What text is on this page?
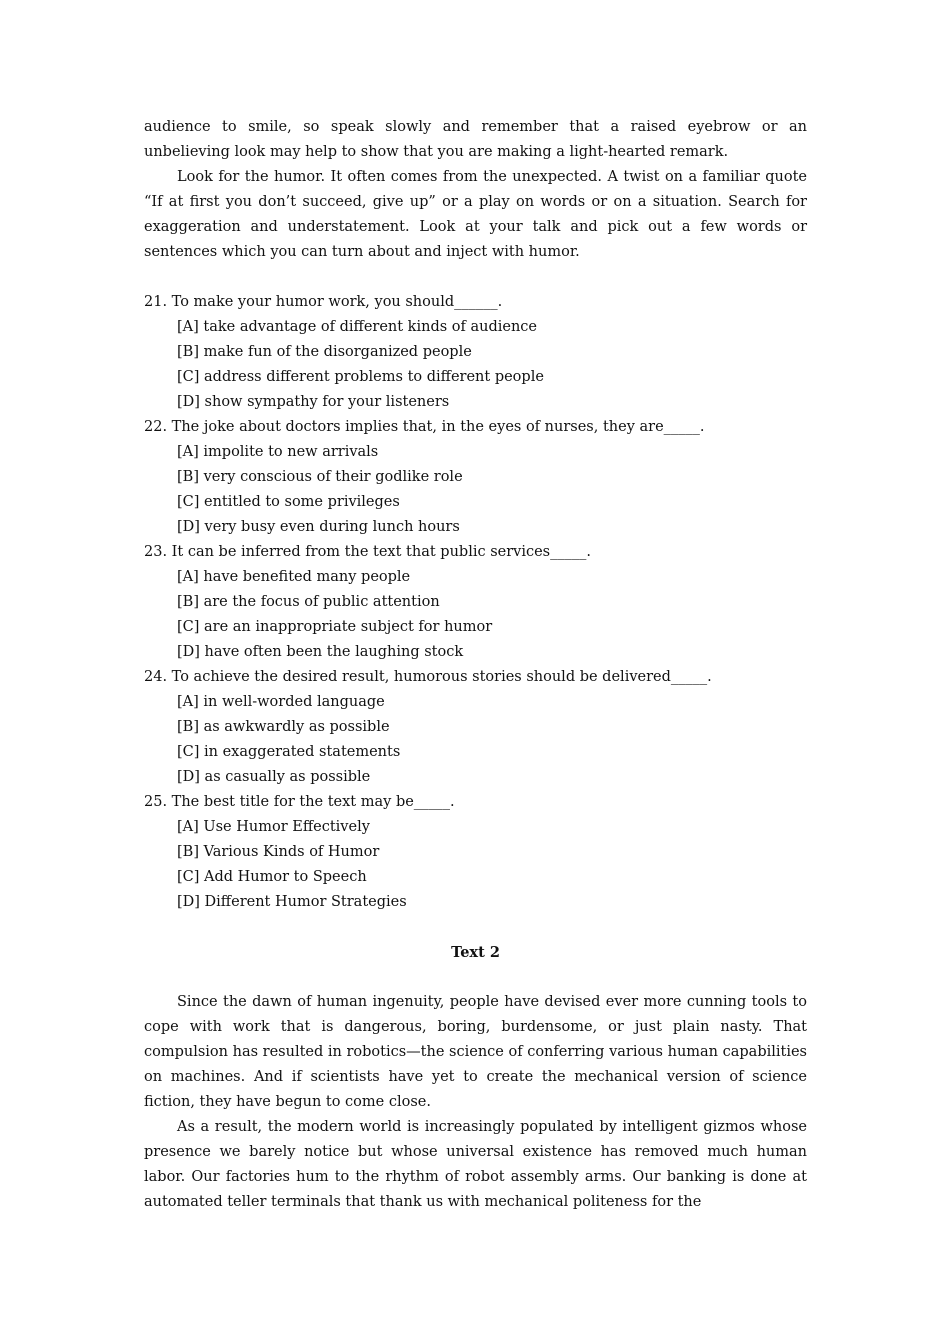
audience to smile, so speak slowly and remember that a raised eyebrow or an unbelieving look may help to show that you are making a light-hearted remark.

Look for the humor. It often comes from the unexpected. A twist on a familiar quote “If at first you don’t succeed, give up” or a play on words or on a situation. Search for exaggeration and understatement. Look at your talk and pick out a few words or sentences which you can turn about and inject with humor.

21. To make your humor work, you should______.

[A] take advantage of different kinds of audience

[B] make fun of the disorganized people

[C] address different problems to different people

[D] show sympathy for your listeners

22. The joke about doctors implies that, in the eyes of nurses, they are_____.

[A] impolite to new arrivals

[B] very conscious of their godlike role

[C] entitled to some privileges

[D] very busy even during lunch hours

23. It can be inferred from the text that public services_____.

[A] have benefited many people

[B] are the focus of public attention

[C] are an inappropriate subject for humor

[D] have often been the laughing stock

24. To achieve the desired result, humorous stories should be delivered_____.

[A] in well-worded language

[B] as awkwardly as possible

[C] in exaggerated statements

[D] as casually as possible

25. The best title for the text may be_____.

[A] Use Humor Effectively

[B] Various Kinds of Humor

[C] Add Humor to Speech

[D] Different Humor Strategies

Text 2

Since the dawn of human ingenuity, people have devised ever more cunning tools to cope with work that is dangerous, boring, burdensome, or just plain nasty. That compulsion has resulted in robotics—the science of conferring various human capabilities on machines. And if scientists have yet to create the mechanical version of science fiction, they have begun to come close.

As a result, the modern world is increasingly populated by intelligent gizmos whose presence we barely notice but whose universal existence has removed much human labor. Our factories hum to the rhythm of robot assembly arms. Our banking is done at automated teller terminals that thank us with mechanical politeness for the
